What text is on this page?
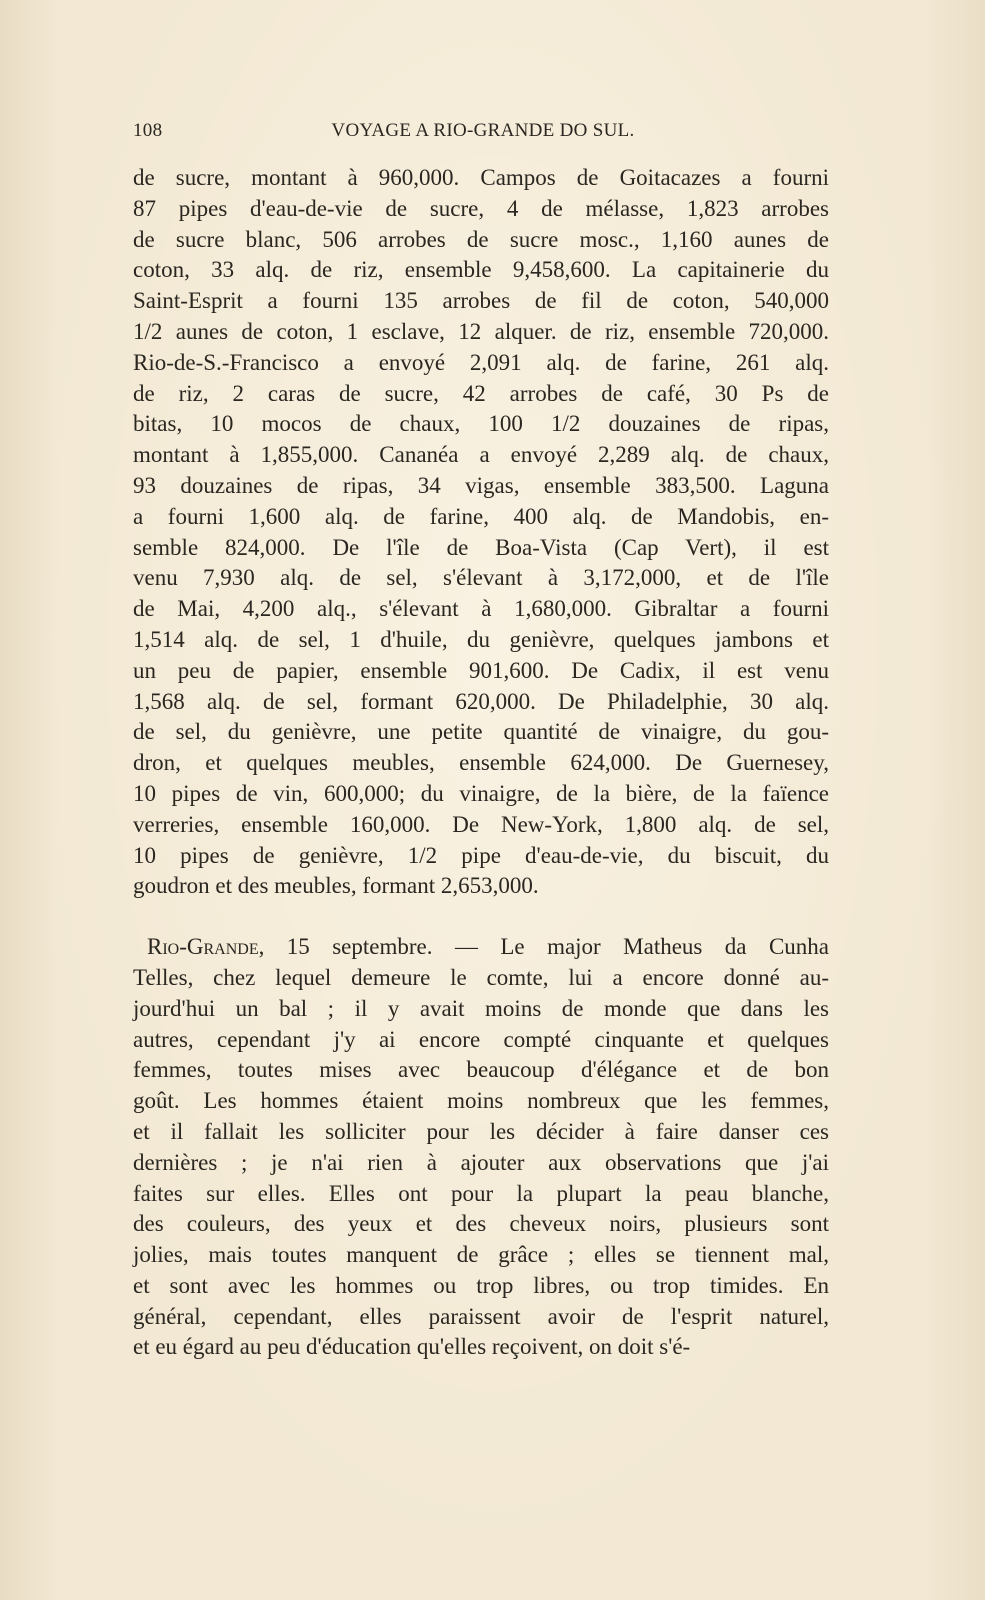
108	VOYAGE A RIO-GRANDE DO SUL.
de sucre, montant à 960,000. Campos de Goitacazes a fourni
87 pipes d'eau-de-vie de sucre, 4 de mélasse, 1,823 arrobes
de sucre blanc, 506 arrobes de sucre mosc., 1,160 aunes de
coton, 33 alq. de riz, ensemble 9,458,600. La capitainerie du
Saint-Esprit a fourni 135 arrobes de fil de coton, 540,000
1/2 aunes de coton, 1 esclave, 12 alquer. de riz, ensemble 720,000.
Rio-de-S.-Francisco a envoyé 2,091 alq. de farine, 261 alq.
de riz, 2 caras de sucre, 42 arrobes de café, 30 Ps de
bitas, 10 mocos de chaux, 100 1/2 douzaines de ripas,
montant à 1,855,000. Cananéa a envoyé 2,289 alq. de chaux,
93 douzaines de ripas, 34 vigas, ensemble 383,500. Laguna
a fourni 1,600 alq. de farine, 400 alq. de Mandobis, en-
semble 824,000. De l'île de Boa-Vista (Cap Vert), il est
venu 7,930 alq. de sel, s'élevant à 3,172,000, et de l'île
de Mai, 4,200 alq., s'élevant à 1,680,000. Gibraltar a fourni
1,514 alq. de sel, 1 d'huile, du genièvre, quelques jambons et
un peu de papier, ensemble 901,600. De Cadix, il est venu
1,568 alq. de sel, formant 620,000. De Philadelphie, 30 alq.
de sel, du genièvre, une petite quantité de vinaigre, du gou-
dron, et quelques meubles, ensemble 624,000. De Guernesey,
10 pipes de vin, 600,000; du vinaigre, de la bière, de la faïence
verreries, ensemble 160,000. De New-York, 1,800 alq. de sel,
10 pipes de genièvre, 1/2 pipe d'eau-de-vie, du biscuit, du
goudron et des meubles, formant 2,653,000.
Rio-Grande, 15 septembre. — Le major Matheus da Cunha
Telles, chez lequel demeure le comte, lui a encore donné au-
jourd'hui un bal ; il y avait moins de monde que dans les
autres, cependant j'y ai encore compté cinquante et quelques
femmes, toutes mises avec beaucoup d'élégance et de bon
goût. Les hommes étaient moins nombreux que les femmes,
et il fallait les solliciter pour les décider à faire danser ces
dernières ; je n'ai rien à ajouter aux observations que j'ai
faites sur elles. Elles ont pour la plupart la peau blanche,
des couleurs, des yeux et des cheveux noirs, plusieurs sont
jolies, mais toutes manquent de grâce ; elles se tiennent mal,
et sont avec les hommes ou trop libres, ou trop timides. En
général, cependant, elles paraissent avoir de l'esprit naturel,
et eu égard au peu d'éducation qu'elles reçoivent, on doit s'é-
